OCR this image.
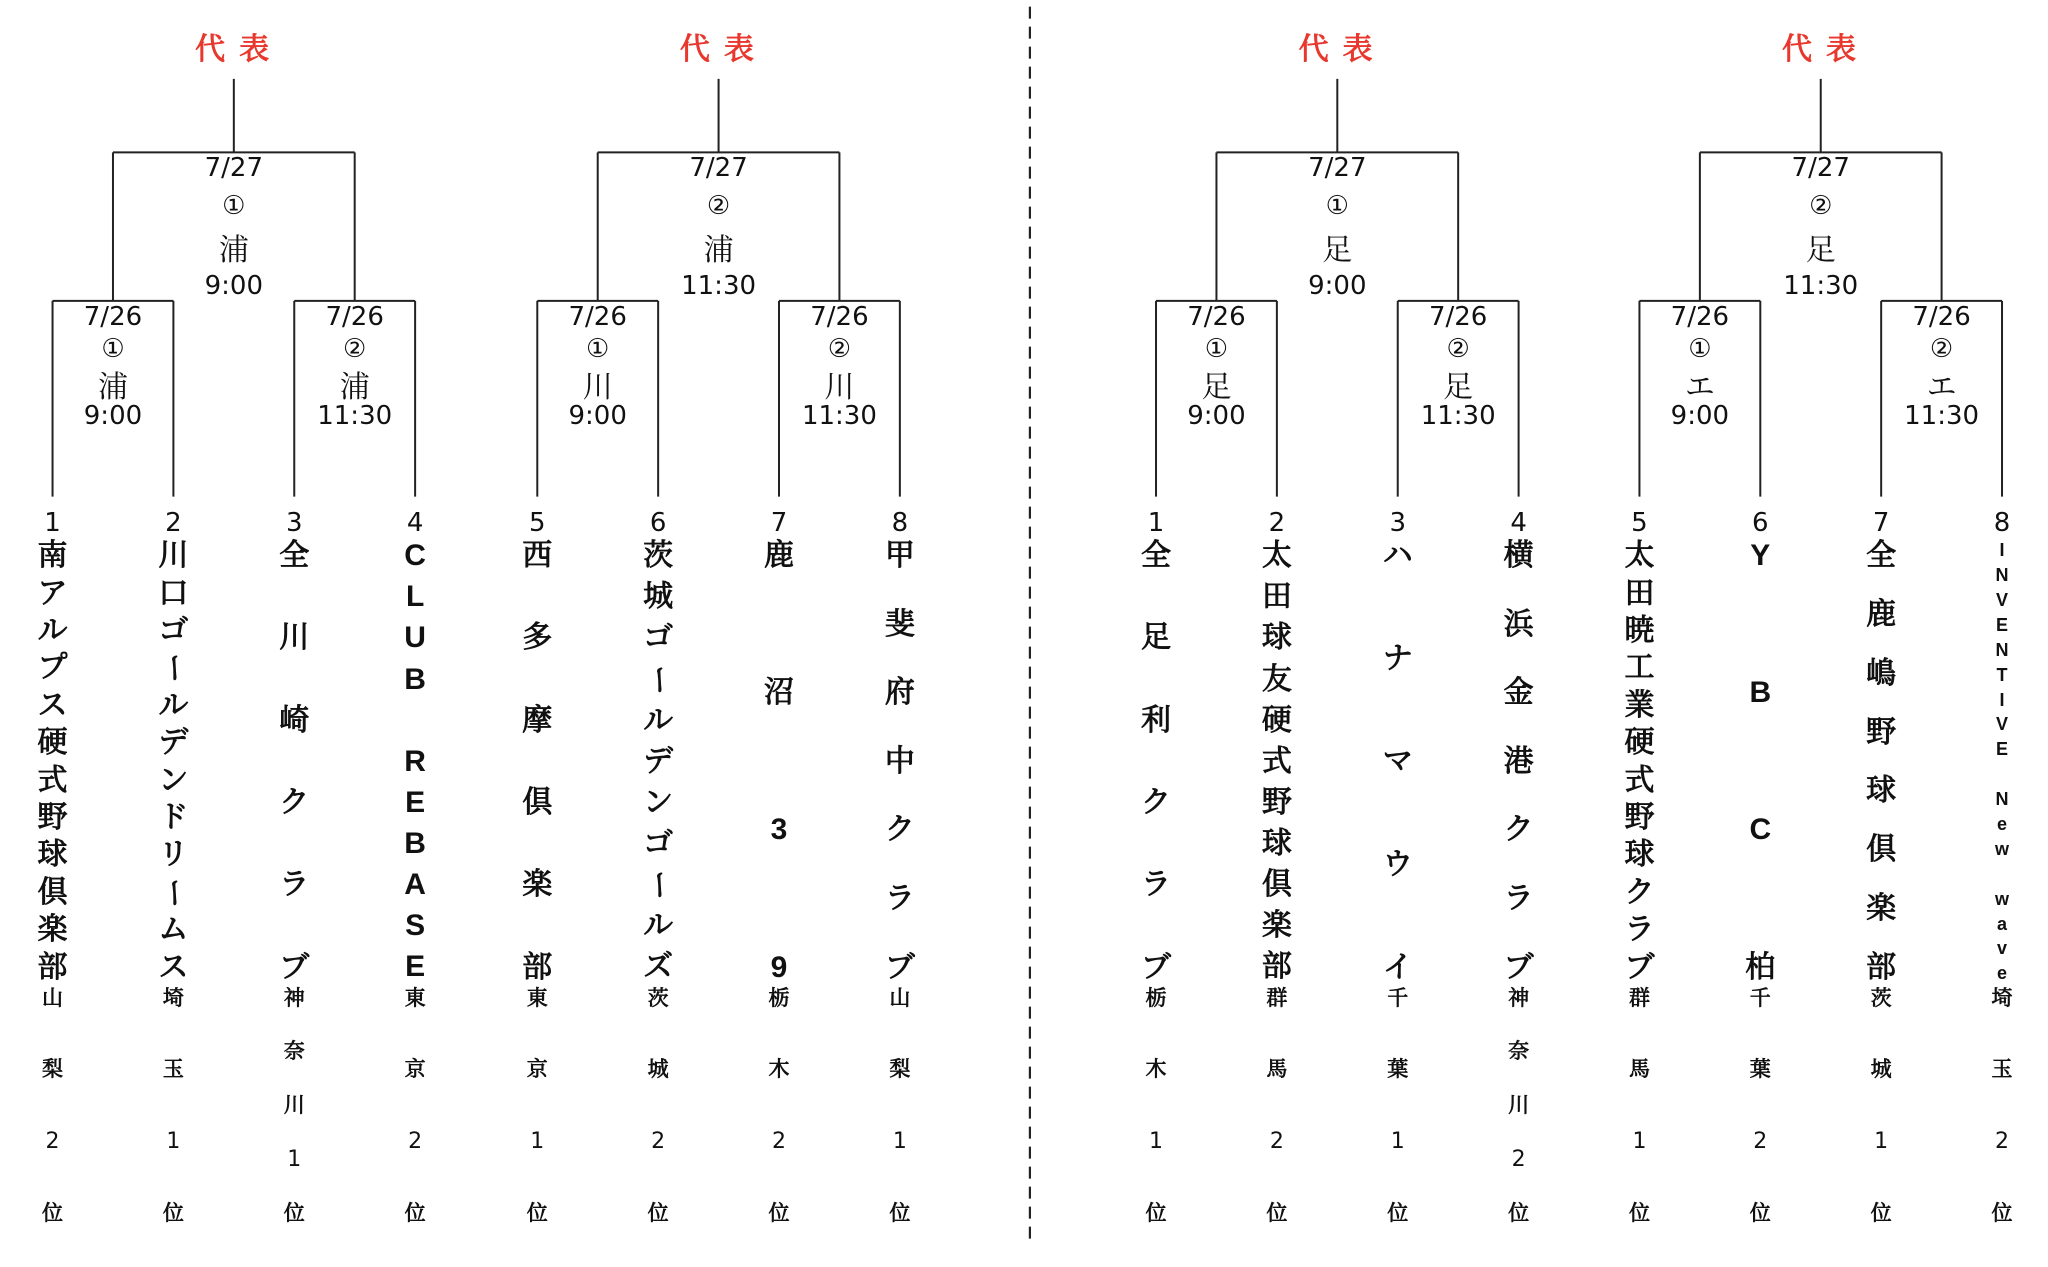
代表
7/27
①
浦
9:00
7/26
①
浦
9:00
7/26
②
浦
11:30
1
南
ア
ル
プ
ス
硬
式
野
球
倶
楽
部
山
梨
2
位
2
川
口
ゴ
ー
ル
デ
ン
ド
リ
ー
ム
ス
埼
玉
1
位
3
全
川
崎
ク
ラ
ブ
神
奈
川
1
位
4
C
L
U
B

R
E
B
A
S
E
東
京
2
位
代表
7/27
②
浦
11:30
7/26
①
川
9:00
7/26
②
川
11:30
5
西
多
摩
倶
楽
部
東
京
1
位
6
茨
城
ゴ
ー
ル
デ
ン
ゴ
ー
ル
ズ
茨
城
2
位
7
鹿
沼
3
9
栃
木
2
位
8
甲
斐
府
中
ク
ラ
ブ
山
梨
1
位
代表
7/27
①
足
9:00
7/26
①
足
9:00
7/26
②
足
11:30
1
全
足
利
ク
ラ
ブ
栃
木
1
位
2
太
田
球
友
硬
式
野
球
倶
楽
部
群
馬
2
位
3
ハ
ナ
マ
ウ
イ
千
葉
1
位
4
横
浜
金
港
ク
ラ
ブ
神
奈
川
2
位
代表
7/27
②
足
11:30
7/26
①
エ
9:00
7/26
②
エ
11:30
5
太
田
暁
工
業
硬
式
野
球
ク
ラ
ブ
群
馬
1
位
6
Y
B
C
柏
千
葉
2
位
7
全
鹿
嶋
野
球
倶
楽
部
茨
城
1
位
8
I
N
V
E
N
T
I
V
E

N
e
w

w
a
v
e
埼
玉
2
位
